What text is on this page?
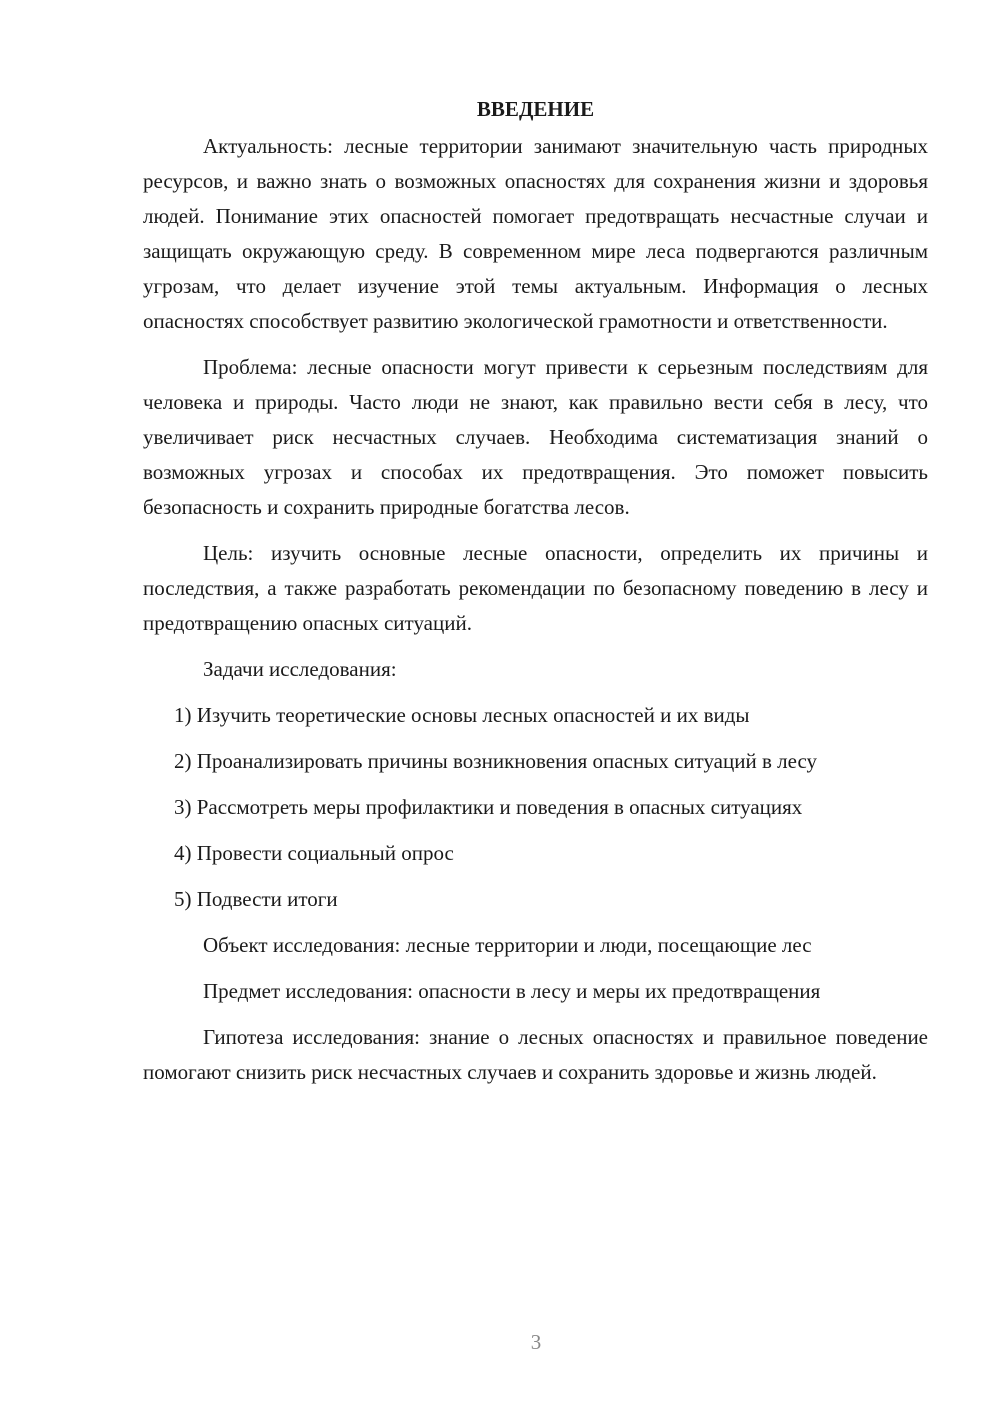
ВВЕДЕНИЕ

Актуальность: лесные территории занимают значительную часть природных ресурсов, и важно знать о возможных опасностях для сохранения жизни и здоровья людей. Понимание этих опасностей помогает предотвращать несчастные случаи и защищать окружающую среду. В современном мире леса подвергаются различным угрозам, что делает изучение этой темы актуальным. Информация о лесных опасностях способствует развитию экологической грамотности и ответственности.

Проблема: лесные опасности могут привести к серьезным последствиям для человека и природы. Часто люди не знают, как правильно вести себя в лесу, что увеличивает риск несчастных случаев. Необходима систематизация знаний о возможных угрозах и способах их предотвращения. Это поможет повысить безопасность и сохранить природные богатства лесов.

Цель: изучить основные лесные опасности, определить их причины и последствия, а также разработать рекомендации по безопасному поведению в лесу и предотвращению опасных ситуаций.

Задачи исследования:

1) Изучить теоретические основы лесных опасностей и их виды

2) Проанализировать причины возникновения опасных ситуаций в лесу

3) Рассмотреть меры профилактики и поведения в опасных ситуациях

4) Провести социальный опрос

5) Подвести итоги

Объект исследования: лесные территории и люди, посещающие лес

Предмет исследования: опасности в лесу и меры их предотвращения

Гипотеза исследования: знание о лесных опасностях и правильное поведение помогают снизить риск несчастных случаев и сохранить здоровье и жизнь людей.

3
